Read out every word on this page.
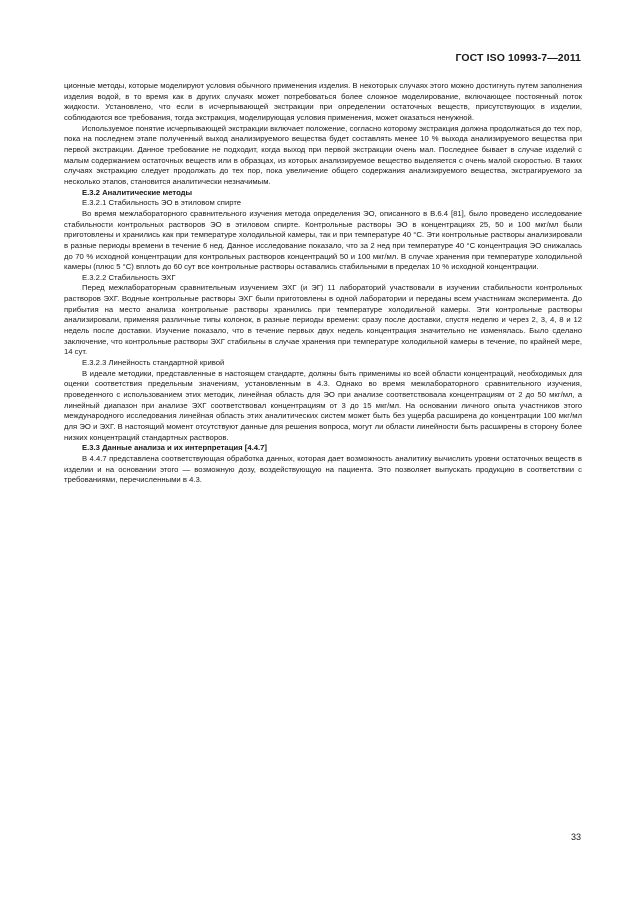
ГОСТ ISO 10993-7—2011

ционные методы, которые моделируют условия обычного применения изделия. В некоторых случаях этого можно достигнуть путем заполнения изделия водой, в то время как в других случаях может потребоваться более сложное моделирование, включающее постоянный поток жидкости. Установлено, что если в исчерпывающей экстракции при определении остаточных веществ, присутствующих в изделии, соблюдаются все требования, тогда экстракция, моделирующая условия применения, может оказаться ненужной.

Используемое понятие исчерпывающей экстракции включает положение, согласно которому экстракция должна продолжаться до тех пор, пока на последнем этапе полученный выход анализируемого вещества будет составлять менее 10 % выхода анализируемого вещества при первой экстракции. Данное требование не подходит, когда выход при первой экстракции очень мал. Последнее бывает в случае изделий с малым содержанием остаточных веществ или в образцах, из которых анализируемое вещество выделяется с очень малой скоростью. В таких случаях экстракцию следует продолжать до тех пор, пока увеличение общего содержания анализируемого вещества, экстрагируемого за несколько этапов, становится аналитически незначимым.

Е.3.2 Аналитические методы

Е.3.2.1 Стабильность ЭО в этиловом спирте

Во время межлабораторного сравнительного изучения метода определения ЭО, описанного в В.6.4 [81], было проведено исследование стабильности контрольных растворов ЭО в этиловом спирте. Контрольные растворы ЭО в концентрациях 25, 50 и 100 мкг/мл были приготовлены и хранились как при температуре холодильной камеры, так и при температуре 40 °С. Эти контрольные растворы анализировали в разные периоды времени в течение 6 нед. Данное исследование показало, что за 2 нед при температуре 40 °С концентрация ЭО снижалась до 70 % исходной концентрации для контрольных растворов концентраций 50 и 100 мкг/мл. В случае хранения при температуре холодильной камеры (плюс 5 °С) вплоть до 60 сут все контрольные растворы оставались стабильными в пределах 10 % исходной концентрации.

Е.3.2.2 Стабильность ЭХГ

Перед межлабораторным сравнительным изучением ЭХГ (и ЭГ) 11 лабораторий участвовали в изучении стабильности контрольных растворов ЭХГ. Водные контрольные растворы ЭХГ были приготовлены в одной лаборатории и переданы всем участникам эксперимента. До прибытия на место анализа контрольные растворы хранились при температуре холодильной камеры. Эти контрольные растворы анализировали, применяя различные типы колонок, в разные периоды времени: сразу после доставки, спустя неделю и через 2, 3, 4, 8 и 12 недель после доставки. Изучение показало, что в течение первых двух недель концентрация значительно не изменялась. Было сделано заключение, что контрольные растворы ЭХГ стабильны в случае хранения при температуре холодильной камеры в течение, по крайней мере, 14 сут.

Е.3.2.3 Линейность стандартной кривой

В идеале методики, представленные в настоящем стандарте, должны быть применимы ко всей области концентраций, необходимых для оценки соответствия предельным значениям, установленным в 4.3. Однако во время межлабораторного сравнительного изучения, проведенного с использованием этих методик, линейная область для ЭО при анализе соответствовала концентрациям от 2 до 50 мкг/мл, а линейный диапазон при анализе ЭХГ соответствовал концентрациям от 3 до 15 мкг/мл. На основании личного опыта участников этого международного исследования линейная область этих аналитических систем может быть без ущерба расширена до концентрации 100 мкг/мл для ЭО и ЭХГ. В настоящий момент отсутствуют данные для решения вопроса, могут ли области линейности быть расширены в сторону более низких концентраций стандартных растворов.

Е.3.3 Данные анализа и их интерпретация [4.4.7]

В 4.4.7 представлена соответствующая обработка данных, которая дает возможность аналитику вычислить уровни остаточных веществ в изделии и на основании этого — возможную дозу, воздействующую на пациента. Это позволяет выпускать продукцию в соответствии с требованиями, перечисленными в 4.3.

33
